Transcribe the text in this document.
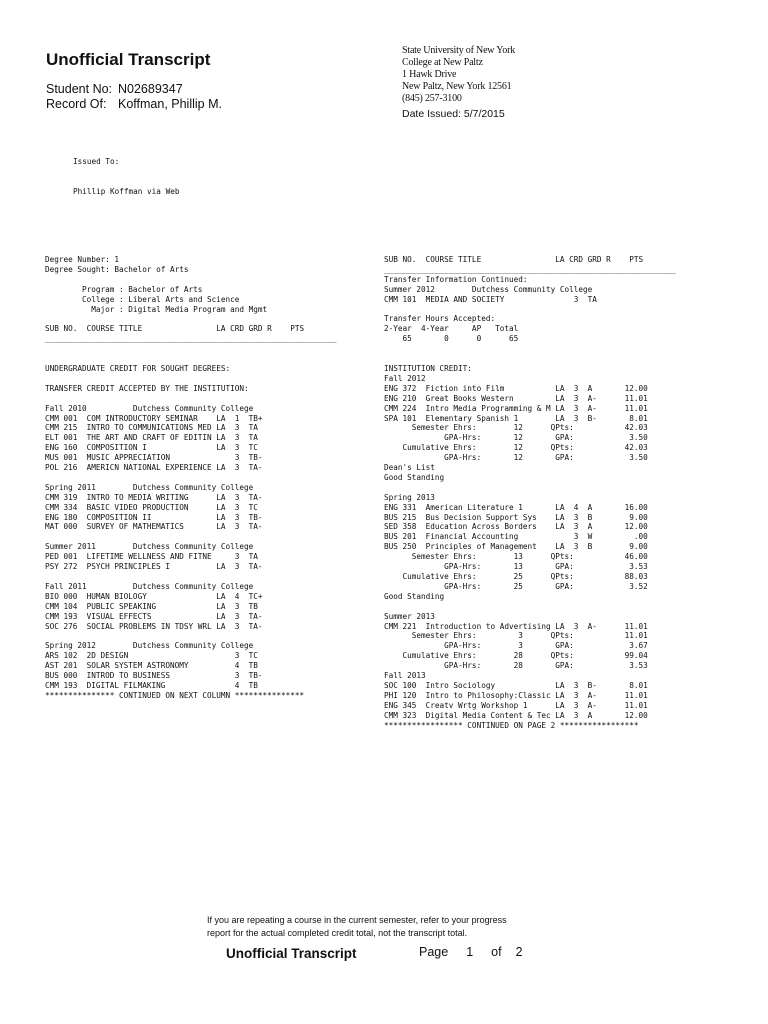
Unofficial Transcript
Student No: N02689347
Record Of: Koffman, Phillip M.
State University of New York
College at New Paltz
1 Hawk Drive
New Paltz, New York 12561
(845) 257-3100
Date Issued: 5/7/2015
Issued To:

Phillip Koffman via Web
Degree Number: 1
Degree Sought: Bachelor of Arts

Program : Bachelor of Arts
College : Liberal Arts and Science
Major : Digital Media Program and Mgmt

SUB NO.  COURSE TITLE                LA CRD GRD R    PTS
_______________________________________________________________

UNDERGRADUATE CREDIT FOR SOUGHT DEGREES:

TRANSFER CREDIT ACCEPTED BY THE INSTITUTION:

Fall 2010          Dutchess Community College
CMM 001  COM INTRODUCTORY SEMINAR    LA  1  TB+
CMM 215  INTRO TO COMMUNICATIONS MED LA  3  TA
ELT 001  THE ART AND CRAFT OF EDITIN LA  3  TA
ENG 160  COMPOSITION I               LA  3  TC
MUS 001  MUSIC APPRECIATION              3  TB-
POL 216  AMERICN NATIONAL EXPERIENCE LA  3  TA-

Spring 2011        Dutchess Community College
CMM 319  INTRO TO MEDIA WRITING      LA  3  TA-
CMM 334  BASIC VIDEO PRODUCTION      LA  3  TC
ENG 180  COMPOSITION II              LA  3  TB-
MAT 000  SURVEY OF MATHEMATICS       LA  3  TA-

Summer 2011        Dutchess Community College
PED 001  LIFETIME WELLNESS AND FITNE     3  TA
PSY 272  PSYCH PRINCIPLES I          LA  3  TA-

Fall 2011          Dutchess Community College
BIO 000  HUMAN BIOLOGY               LA  4  TC+
CMM 104  PUBLIC SPEAKING             LA  3  TB
CMM 193  VISUAL EFFECTS              LA  3  TA-
SOC 276  SOCIAL PROBLEMS IN TDSY WRL LA  3  TA-

Spring 2012        Dutchess Community College
ARS 102  2D DESIGN                       3  TC
AST 201  SOLAR SYSTEM ASTRONOMY          4  TB
BUS 000  INTROD TO BUSINESS              3  TB-
CMM 193  DIGITAL FILMAKING               4  TB
*************** CONTINUED ON NEXT COLUMN ***************
SUB NO.  COURSE TITLE                LA CRD GRD R    PTS
_______________________________________________________________
Transfer Information Continued:
Summer 2012        Dutchess Community College
CMM 101  MEDIA AND SOCIETY               3  TA

Transfer Hours Accepted:
2-Year  4-Year     AP   Total
65       0      0      65

INSTITUTION CREDIT:
Fall 2012
ENG 372  Fiction into Film           LA  3  A       12.00
ENG 210  Great Books Western         LA  3  A-      11.01
CMM 224  Intro Media Programming & M LA  3  A-      11.01
SPA 101  Elementary Spanish 1        LA  3  B-       8.01
Semester Ehrs:        12      QPts:           42.03
GPA-Hrs:       12       GPA:            3.50
Cumulative Ehrs:        12      QPts:           42.03
GPA-Hrs:       12       GPA:            3.50
Dean's List
Good Standing

Spring 2013
ENG 331  American Literature 1       LA  4  A       16.00
BUS 215  Bus Decision Support Sys    LA  3  B        9.00
SED 358  Education Across Borders    LA  3  A       12.00
BUS 201  Financial Accounting            3  W         .00
BUS 250  Principles of Management    LA  3  B        9.00
Semester Ehrs:        13      QPts:           46.00
GPA-Hrs:       13       GPA:            3.53
Cumulative Ehrs:        25      QPts:           88.03
GPA-Hrs:       25       GPA:            3.52
Good Standing

Summer 2013
CMM 221  Introduction to Advertising LA  3  A-      11.01
Semester Ehrs:         3      QPts:           11.01
GPA-Hrs:        3       GPA:            3.67
Cumulative Ehrs:        28      QPts:           99.04
GPA-Hrs:       28       GPA:            3.53
Fall 2013
SOC 100  Intro Sociology             LA  3  B-       8.01
PHI 120  Intro to Philosophy:Classic LA  3  A-      11.01
ENG 345  Creatv Wrtg Workshop 1      LA  3  A-      11.01
CMM 323  Digital Media Content & Tec LA  3  A       12.00
***************** CONTINUED ON PAGE 2 *****************
If you are repeating a course in the current semester, refer to your progress
report for the actual completed credit total, not the transcript total.
Unofficial Transcript	Page 1 of 2
